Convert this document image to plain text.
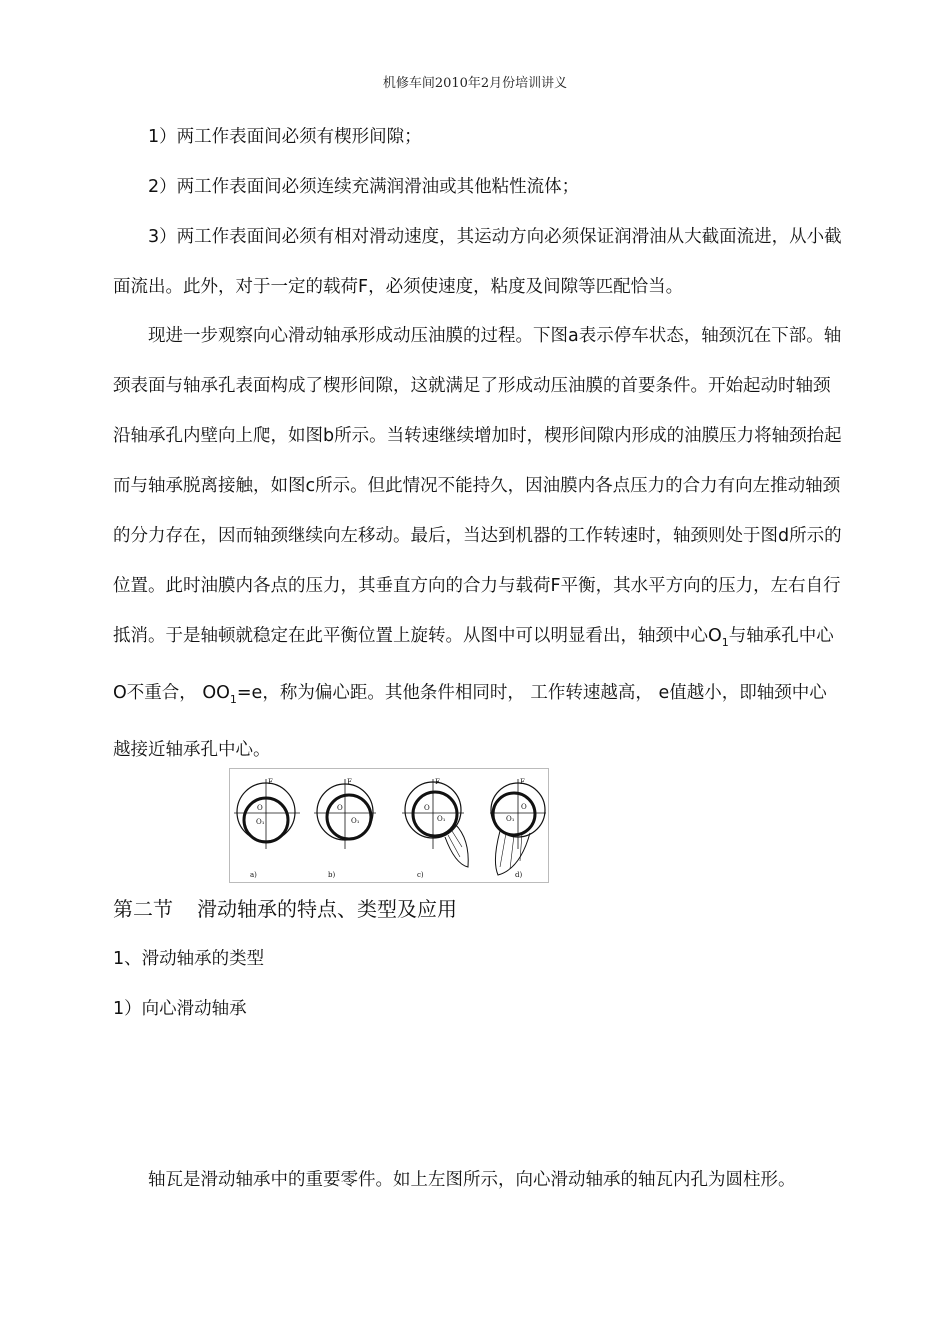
机修车间2010年2月份培训讲义

1）两工作表面间必须有楔形间隙；

2）两工作表面间必须连续充满润滑油或其他粘性流体；

3）两工作表面间必须有相对滑动速度，其运动方向必须保证润滑油从大截面流进，从小截面流出。此外，对于一定的载荷F，必须使速度，粘度及间隙等匹配恰当。

现进一步观察向心滑动轴承形成动压油膜的过程。下图a表示停车状态，轴颈沉在下部。轴颈表面与轴承孔表面构成了楔形间隙，这就满足了形成动压油膜的首要条件。开始起动时轴颈沿轴承孔内壁向上爬，如图b所示。当转速继续增加时，楔形间隙内形成的油膜压力将轴颈抬起而与轴承脱离接触，如图c所示。但此情况不能持久，因油膜内各点压力的合力有向左推动轴颈的分力存在，因而轴颈继续向左移动。最后，当达到机器的工作转速时，轴颈则处于图d所示的位置。此时油膜内各点的压力，其垂直方向的合力与载荷F平衡，其水平方向的压力，左右自行抵消。于是轴顿就稳定在此平衡位置上旋转。从图中可以明显看出，轴颈中心$O_1$与轴承孔中心 O不重合， $OO_1=e$，称为偏心距。其他条件相同时， 工作转速越高， e值越小，即轴颈中心越接近轴承孔中心。

F
O
O₁
F
O
O₁
F
O
O₁
F
O
O₁
a)	b)	c)	d)
第二节 滑动轴承的特点、类型及应用

1、滑动轴承的类型

1）向心滑动轴承

轴瓦是滑动轴承中的重要零件。如上左图所示，向心滑动轴承的轴瓦内孔为圆柱形。
